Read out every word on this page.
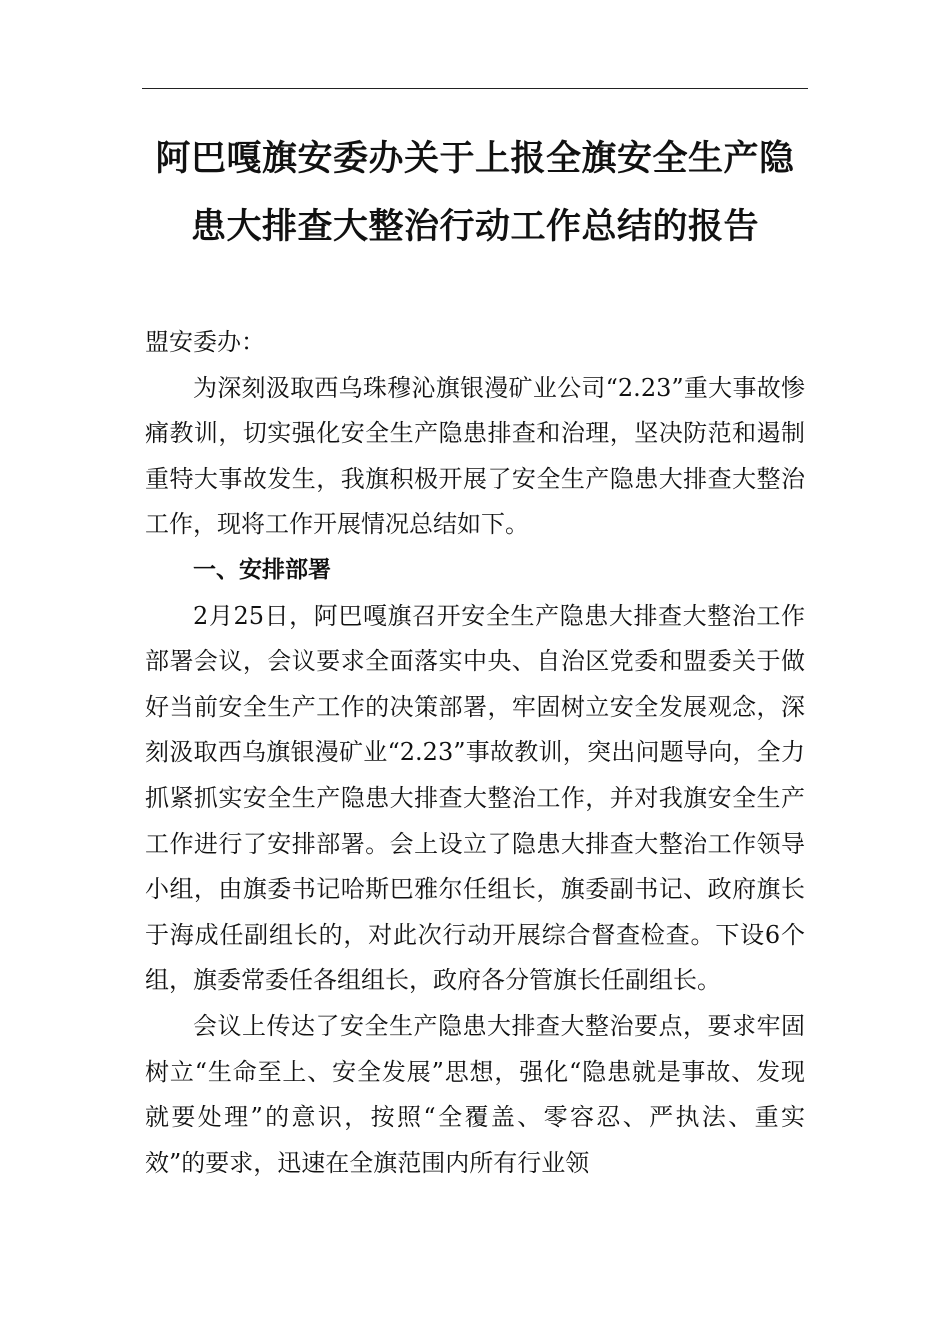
阿巴嘎旗安委办关于上报全旗安全生产隐
患大排查大整治行动工作总结的报告

盟安委办：

为深刻汲取西乌珠穆沁旗银漫矿业公司“2.23”重大事故惨痛教训，切实强化安全生产隐患排查和治理，坚决防范和遏制重特大事故发生，我旗积极开展了安全生产隐患大排查大整治工作，现将工作开展情况总结如下。

一、安排部署

2月25日，阿巴嘎旗召开安全生产隐患大排查大整治工作部署会议，会议要求全面落实中央、自治区党委和盟委关于做好当前安全生产工作的决策部署，牢固树立安全发展观念，深刻汲取西乌旗银漫矿业“2.23”事故教训，突出问题导向，全力抓紧抓实安全生产隐患大排查大整治工作，并对我旗安全生产工作进行了安排部署。会上设立了隐患大排查大整治工作领导小组，由旗委书记哈斯巴雅尔任组长，旗委副书记、政府旗长于海成任副组长的，对此次行动开展综合督查检查。下设6个组，旗委常委任各组组长，政府各分管旗长任副组长。

会议上传达了安全生产隐患大排查大整治要点，要求牢固树立“生命至上、安全发展”思想，强化“隐患就是事故、发现就要处理”的意识，按照“全覆盖、零容忍、严执法、重实效”的要求，迅速在全旗范围内所有行业领
